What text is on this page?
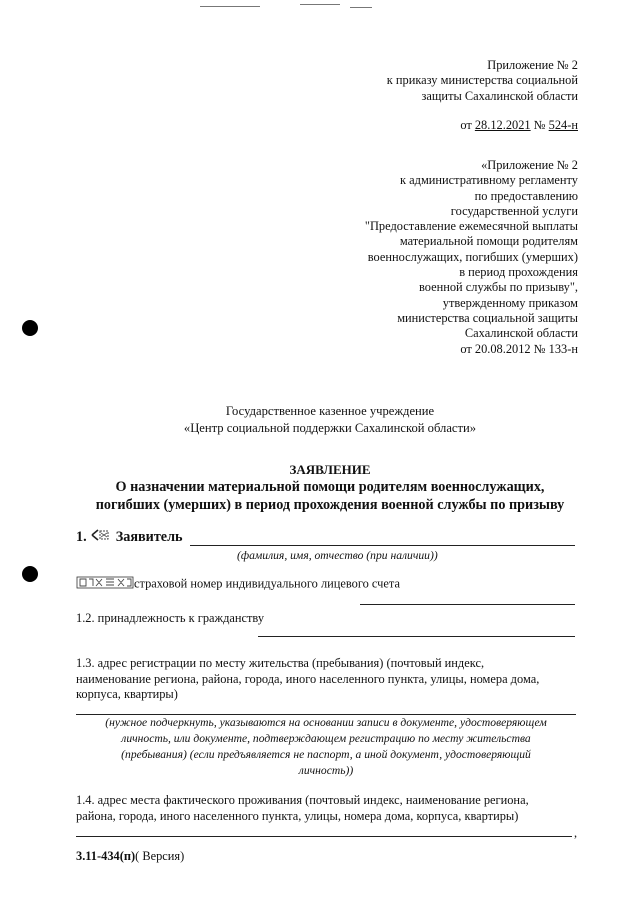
Приложение № 2
к приказу министерства социальной
защиты Сахалинской области
от 28.12.2021 № 524-н
«Приложение № 2
к административному регламенту
по предоставлению
государственной услуги
"Предоставление ежемесячной выплаты
материальной помощи родителям
военнослужащих, погибших (умерших)
в период прохождения
военной службы по призыву",
утвержденному приказом
министерства социальной защиты
Сахалинской области
от 20.08.2012 № 133-н
Государственное казенное учреждение
«Центр социальной поддержки Сахалинской области»
ЗАЯВЛЕНИЕ
О назначении материальной помощи родителям военнослужащих,
погибших (умерших) в период прохождения военной службы по призыву
1. Заявитель
(фамилия, имя, отчество (при наличии))
страховой номер индивидуального лицевого счета
1.2. принадлежность к гражданству
1.3. адрес регистрации по месту жительства (пребывания) (почтовый индекс,
наименование региона, района, города, иного населенного пункта, улицы, номера дома,
корпуса, квартиры)
(нужное подчеркнуть, указываются на основании записи в документе, удостоверяющем
личность, или документе, подтверждающем регистрацию по месту жительства
(пребывания) (если предъявляется не паспорт, а иной документ, удостоверяющий
личность))
1.4. адрес места фактического проживания (почтовый индекс, наименование региона,
района, города, иного населенного пункта, улицы, номера дома, корпуса, квартиры)
,
3.11-434(п)( Версия)
